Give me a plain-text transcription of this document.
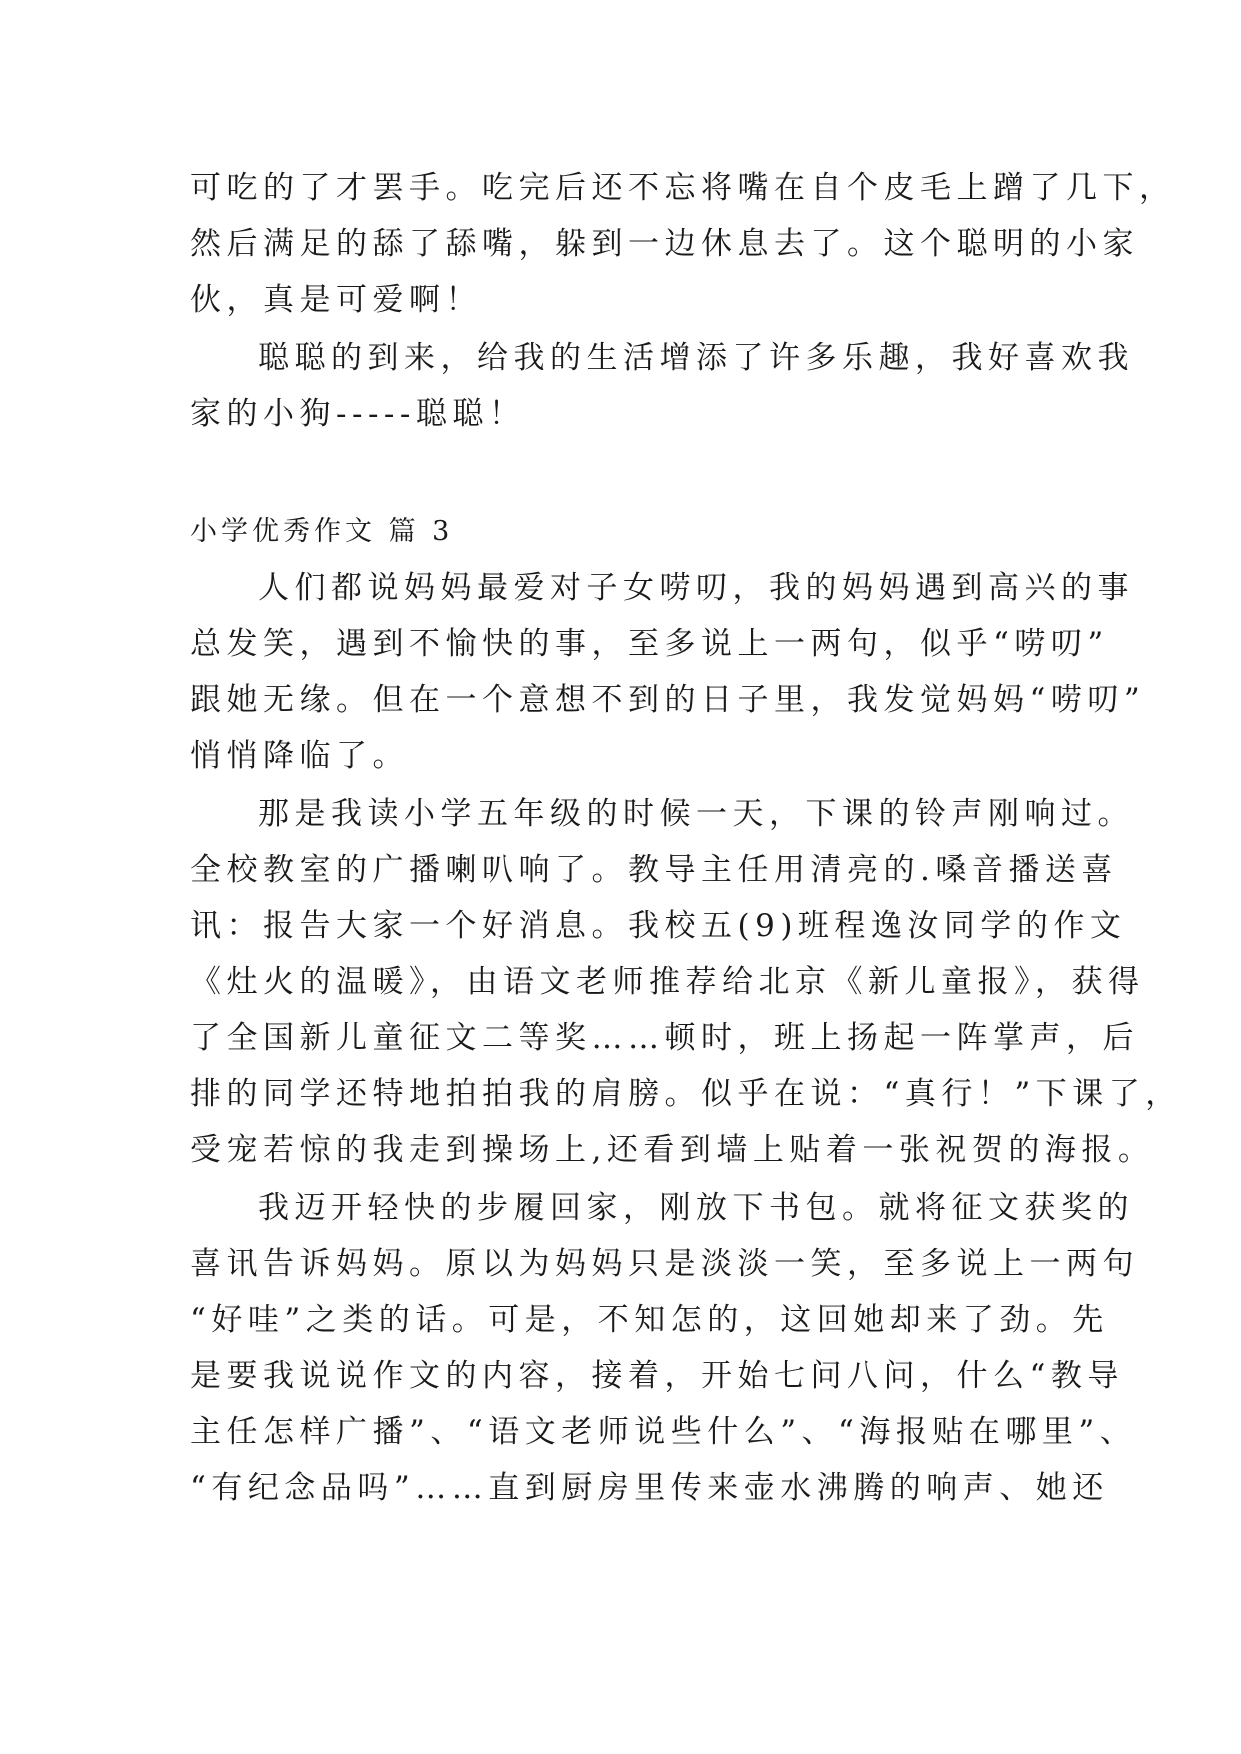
可吃的了才罢手。吃完后还不忘将嘴在自个皮毛上蹭了几下，
然后满足的舔了舔嘴，躲到一边休息去了。这个聪明的小家
伙，真是可爱啊！
聪聪的到来，给我的生活增添了许多乐趣，我好喜欢我
家的小狗-----聪聪！
小学优秀作文 篇 3
人们都说妈妈最爱对子女唠叨，我的妈妈遇到高兴的事
总发笑，遇到不愉快的事，至多说上一两句，似乎“唠叨”
跟她无缘。但在一个意想不到的日子里，我发觉妈妈“唠叨”
悄悄降临了。
那是我读小学五年级的时候一天，下课的铃声刚响过。
全校教室的广播喇叭响了。教导主任用清亮的.嗓音播送喜
讯：报告大家一个好消息。我校五(9)班程逸汝同学的作文
《灶火的温暖》，由语文老师推荐给北京《新儿童报》，获得
了全国新儿童征文二等奖……顿时，班上扬起一阵掌声，后
排的同学还特地拍拍我的肩膀。似乎在说：“真行！”下课了，
受宠若惊的我走到操场上,还看到墙上贴着一张祝贺的海报。
我迈开轻快的步履回家，刚放下书包。就将征文获奖的
喜讯告诉妈妈。原以为妈妈只是淡淡一笑，至多说上一两句
“好哇”之类的话。可是，不知怎的，这回她却来了劲。先
是要我说说作文的内容，接着，开始七问八问，什么“教导
主任怎样广播”、“语文老师说些什么”、“海报贴在哪里”、
“有纪念品吗”……直到厨房里传来壶水沸腾的响声、她还
